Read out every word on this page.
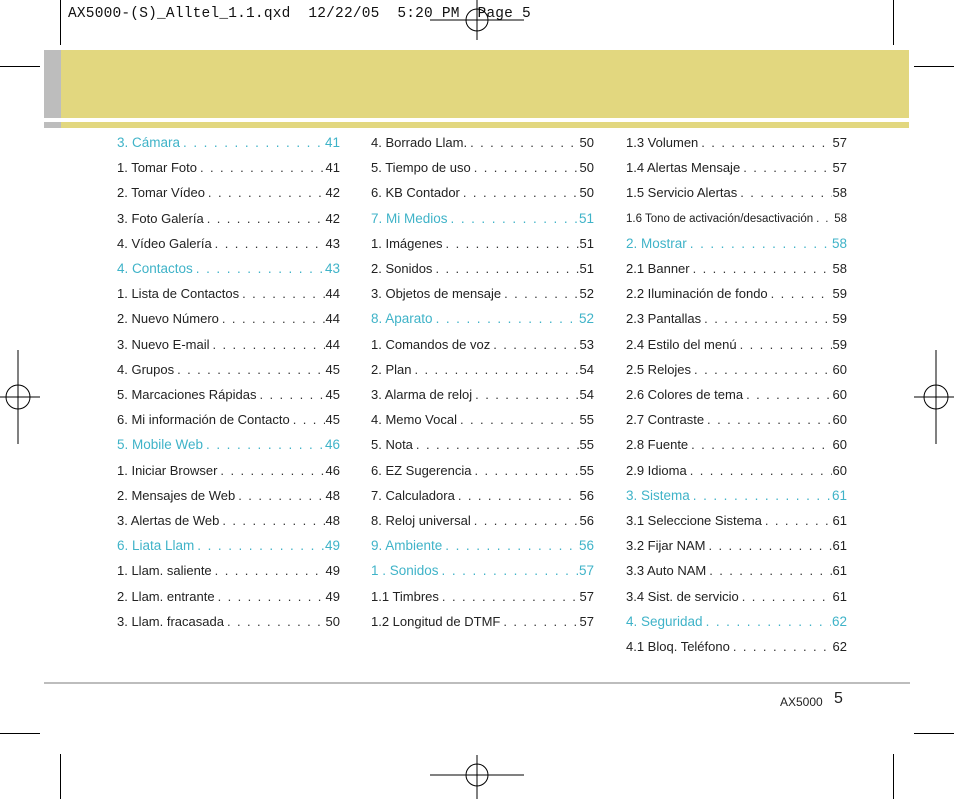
AX5000-(S)_Alltel_1.1.qxd  12/22/05  5:20 PM  Page 5
3. Cámara . . .	41
1. Tomar Foto . . .	41
2. Tomar Vídeo . . .	42
3. Foto Galería . . .	42
4. Vídeo Galería . . .	43
4. Contactos . . .	43
1. Lista de Contactos . . .	44
2. Nuevo Número . . .	44
3. Nuevo E-mail . . .	44
4. Grupos . . .	45
5. Marcaciones Rápidas . . .	45
6. Mi información de Contacto . . .	45
5. Mobile Web . . .	46
1. Iniciar Browser . . .	46
2. Mensajes de Web . . .	48
3. Alertas de Web . . .	48
6. Liata Llam . . .	49
1. Llam. saliente . . .	49
2. Llam. entrante . . .	49
3. Llam. fracasada . . .	50
4. Borrado Llam. . . .	50
5. Tiempo de uso . . .	50
6. KB Contador . . .	50
7. Mi Medios . . .	51
1. Imágenes . . .	51
2. Sonidos . . .	51
3. Objetos de mensaje . . .	52
8. Aparato . . .	52
1. Comandos de voz . . .	53
2. Plan . . .	54
3. Alarma de reloj . . .	54
4. Memo Vocal . . .	55
5. Nota . . .	55
6. EZ Sugerencia . . .	55
7. Calculadora . . .	56
8. Reloj universal . . .	56
9. Ambiente . . .	56
1 . Sonidos . . .	57
1.1 Timbres . . .	57
1.2 Longitud de DTMF . . .	57
1.3 Volumen . . .	57
1.4 Alertas Mensaje . . .	57
1.5 Servicio Alertas . . .	58
1.6 Tono de activación/desactivación . . . 58
2. Mostrar . . .	58
2.1 Banner . . .	58
2.2 Iluminación de fondo . . .	59
2.3 Pantallas . . .	59
2.4 Estilo del menú . . .	59
2.5 Relojes . . .	60
2.6 Colores de tema . . .	60
2.7 Contraste . . .	60
2.8 Fuente . . .	60
2.9 Idioma . . .	60
3. Sistema . . .	61
3.1 Seleccione Sistema . . .	61
3.2 Fijar NAM . . .	61
3.3 Auto NAM . . .	61
3.4 Sist. de servicio . . .	61
4. Seguridad . . .	62
4.1 Bloq. Teléfono . . .	62
AX5000 5
